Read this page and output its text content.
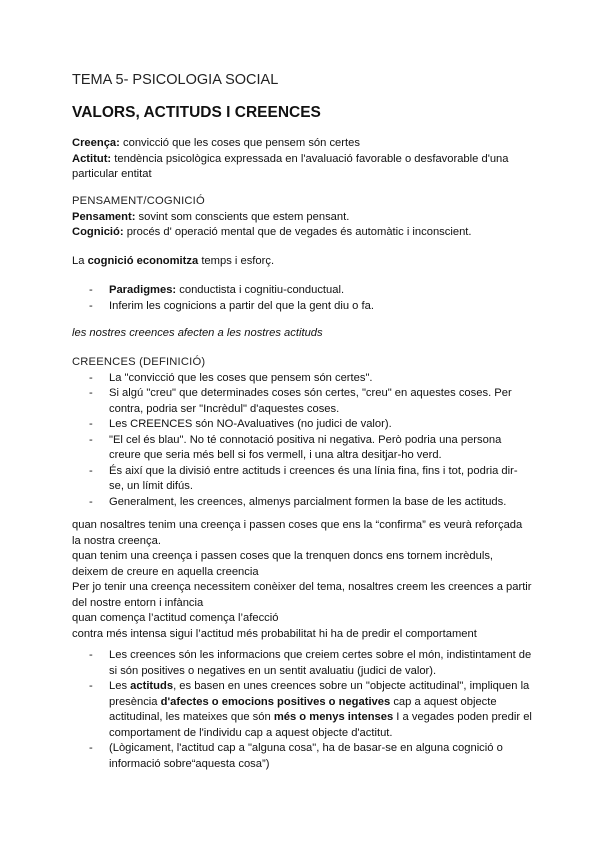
TEMA 5- PSICOLOGIA SOCIAL
VALORS, ACTITUDS I CREENCES

Creença: convicció que les coses que pensem són certes

Actitut: tendència psicològica expressada en l'avaluació favorable o desfavorable d'una particular entitat

PENSAMENT/COGNICIÓ

Pensament: sovint som conscients que estem pensant.

Cognició: procés d' operació mental que de vegades és automàtic i inconscient.

La cognició economitza temps i esforç.

- Paradigmes: conductista i cognitiu-conductual.
- Inferim les cognicions a partir del que la gent diu o fa.

les nostres creences afecten a les nostres actituds

CREENCES (DEFINICIÓ)

- La "convicció que les coses que pensem són certes".
- Si algú "creu" que determinades coses són certes, "creu" en aquestes coses. Per contra, podria ser "Incrèdul" d'aquestes coses.
- Les CREENCES són NO-Avaluatives (no judici de valor).
- "El cel és blau". No té connotació positiva ni negativa. Però podria una persona creure que seria més bell si fos vermell, i una altra desitjar-ho verd.
- És així que la divisió entre actituds i creences és una línia fina, fins i tot, podria dir-se, un límit difús.
- Generalment, les creences, almenys parcialment formen la base de les actituds.

quan nosaltres tenim una creença i passen coses que ens la “confirma” es veurà reforçada la nostra creença.

quan tenim una creença i passen coses que la trenquen doncs ens tornem incrèduls, deixem de creure en aquella creencia

Per jo tenir una creença necessitem conèixer del tema, nosaltres creem les creences a partir del nostre entorn i infància

quan comença l’actitud comença l’afecció

contra més intensa sigui l’actitud més probabilitat hi ha de predir el comportament

- Les creences són les informacions que creiem certes sobre el món, indistintament de si són positives o negatives en un sentit avaluatiu (judici de valor).
- Les actituds, es basen en unes creences sobre un "objecte actitudinal", impliquen la presència d'afectes o emocions positives o negatives cap a aquest objecte actitudinal, les mateixes que són més o menys intenses I a vegades poden predir el comportament de l'individu cap a aquest objecte d'actitut.
- (Lògicament, l'actitud cap a "alguna cosa", ha de basar-se en alguna cognició o informació sobre“aquesta cosa”)
